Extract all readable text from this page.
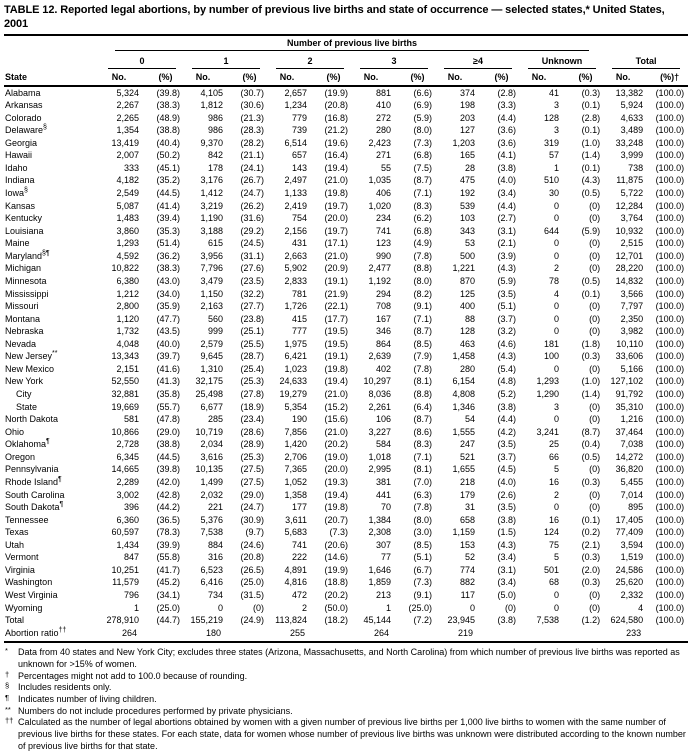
TABLE 12. Reported legal abortions, by number of previous live births and state of occurrence — selected states,* United States, 2001

	Number of previous live births													

	0		1		2		3		≥4		Unknown		Total	

State	No.	(%)	No.	(%)	No.	(%)	No.	(%)	No.	(%)	No.	(%)	No.	(%)†
Alabama	5,324	(39.8)	4,105	(30.7)	2,657	(19.9)	881	(6.6)	374	(2.8)	41	(0.3)	13,382	(100.0)
Arkansas	2,267	(38.3)	1,812	(30.6)	1,234	(20.8)	410	(6.9)	198	(3.3)	3	(0.1)	5,924	(100.0)
Colorado	2,265	(48.9)	986	(21.3)	779	(16.8)	272	(5.9)	203	(4.4)	128	(2.8)	4,633	(100.0)
Delaware§	1,354	(38.8)	986	(28.3)	739	(21.2)	280	(8.0)	127	(3.6)	3	(0.1)	3,489	(100.0)
Georgia	13,419	(40.4)	9,370	(28.2)	6,514	(19.6)	2,423	(7.3)	1,203	(3.6)	319	(1.0)	33,248	(100.0)
Hawaii	2,007	(50.2)	842	(21.1)	657	(16.4)	271	(6.8)	165	(4.1)	57	(1.4)	3,999	(100.0)
Idaho	333	(45.1)	178	(24.1)	143	(19.4)	55	(7.5)	28	(3.8)	1	(0.1)	738	(100.0)
Indiana	4,182	(35.2)	3,176	(26.7)	2,497	(21.0)	1,035	(8.7)	475	(4.0)	510	(4.3)	11,875	(100.0)
Iowa§	2,549	(44.5)	1,412	(24.7)	1,133	(19.8)	406	(7.1)	192	(3.4)	30	(0.5)	5,722	(100.0)
Kansas	5,087	(41.4)	3,219	(26.2)	2,419	(19.7)	1,020	(8.3)	539	(4.4)	0	(0)	12,284	(100.0)
Kentucky	1,483	(39.4)	1,190	(31.6)	754	(20.0)	234	(6.2)	103	(2.7)	0	(0)	3,764	(100.0)
Louisiana	3,860	(35.3)	3,188	(29.2)	2,156	(19.7)	741	(6.8)	343	(3.1)	644	(5.9)	10,932	(100.0)
Maine	1,293	(51.4)	615	(24.5)	431	(17.1)	123	(4.9)	53	(2.1)	0	(0)	2,515	(100.0)
Maryland§¶	4,592	(36.2)	3,956	(31.1)	2,663	(21.0)	990	(7.8)	500	(3.9)	0	(0)	12,701	(100.0)
Michigan	10,822	(38.3)	7,796	(27.6)	5,902	(20.9)	2,477	(8.8)	1,221	(4.3)	2	(0)	28,220	(100.0)
Minnesota	6,380	(43.0)	3,479	(23.5)	2,833	(19.1)	1,192	(8.0)	870	(5.9)	78	(0.5)	14,832	(100.0)
Mississippi	1,212	(34.0)	1,150	(32.2)	781	(21.9)	294	(8.2)	125	(3.5)	4	(0.1)	3,566	(100.0)
Missouri	2,800	(35.9)	2,163	(27.7)	1,726	(22.1)	708	(9.1)	400	(5.1)	0	(0)	7,797	(100.0)
Montana	1,120	(47.7)	560	(23.8)	415	(17.7)	167	(7.1)	88	(3.7)	0	(0)	2,350	(100.0)
Nebraska	1,732	(43.5)	999	(25.1)	777	(19.5)	346	(8.7)	128	(3.2)	0	(0)	3,982	(100.0)
Nevada	4,048	(40.0)	2,579	(25.5)	1,975	(19.5)	864	(8.5)	463	(4.6)	181	(1.8)	10,110	(100.0)
New Jersey**	13,343	(39.7)	9,645	(28.7)	6,421	(19.1)	2,639	(7.9)	1,458	(4.3)	100	(0.3)	33,606	(100.0)
New Mexico	2,151	(41.6)	1,310	(25.4)	1,023	(19.8)	402	(7.8)	280	(5.4)	0	(0)	5,166	(100.0)
New York	52,550	(41.3)	32,175	(25.3)	24,633	(19.4)	10,297	(8.1)	6,154	(4.8)	1,293	(1.0)	127,102	(100.0)
City	32,881	(35.8)	25,498	(27.8)	19,279	(21.0)	8,036	(8.8)	4,808	(5.2)	1,290	(1.4)	91,792	(100.0)
State	19,669	(55.7)	6,677	(18.9)	5,354	(15.2)	2,261	(6.4)	1,346	(3.8)	3	(0)	35,310	(100.0)
North Dakota	581	(47.8)	285	(23.4)	190	(15.6)	106	(8.7)	54	(4.4)	0	(0)	1,216	(100.0)
Ohio	10,866	(29.0)	10,719	(28.6)	7,856	(21.0)	3,227	(8.6)	1,555	(4.2)	3,241	(8.7)	37,464	(100.0)
Oklahoma¶	2,728	(38.8)	2,034	(28.9)	1,420	(20.2)	584	(8.3)	247	(3.5)	25	(0.4)	7,038	(100.0)
Oregon	6,345	(44.5)	3,616	(25.3)	2,706	(19.0)	1,018	(7.1)	521	(3.7)	66	(0.5)	14,272	(100.0)
Pennsylvania	14,665	(39.8)	10,135	(27.5)	7,365	(20.0)	2,995	(8.1)	1,655	(4.5)	5	(0)	36,820	(100.0)
Rhode Island¶	2,289	(42.0)	1,499	(27.5)	1,052	(19.3)	381	(7.0)	218	(4.0)	16	(0.3)	5,455	(100.0)
South Carolina	3,002	(42.8)	2,032	(29.0)	1,358	(19.4)	441	(6.3)	179	(2.6)	2	(0)	7,014	(100.0)
South Dakota¶	396	(44.2)	221	(24.7)	177	(19.8)	70	(7.8)	31	(3.5)	0	(0)	895	(100.0)
Tennessee	6,360	(36.5)	5,376	(30.9)	3,611	(20.7)	1,384	(8.0)	658	(3.8)	16	(0.1)	17,405	(100.0)
Texas	60,597	(78.3)	7,538	(9.7)	5,683	(7.3)	2,308	(3.0)	1,159	(1.5)	124	(0.2)	77,409	(100.0)
Utah	1,434	(39.9)	884	(24.6)	741	(20.6)	307	(8.5)	153	(4.3)	75	(2.1)	3,594	(100.0)
Vermont	847	(55.8)	316	(20.8)	222	(14.6)	77	(5.1)	52	(3.4)	5	(0.3)	1,519	(100.0)
Virginia	10,251	(41.7)	6,523	(26.5)	4,891	(19.9)	1,646	(6.7)	774	(3.1)	501	(2.0)	24,586	(100.0)
Washington	11,579	(45.2)	6,416	(25.0)	4,816	(18.8)	1,859	(7.3)	882	(3.4)	68	(0.3)	25,620	(100.0)
West Virginia	796	(34.1)	734	(31.5)	472	(20.2)	213	(9.1)	117	(5.0)	0	(0)	2,332	(100.0)
Wyoming	1	(25.0)	0	(0)	2	(50.0)	1	(25.0)	0	(0)	0	(0)	4	(100.0)
Total	278,910	(44.7)	155,219	(24.9)	113,824	(18.2)	45,144	(7.2)	23,945	(3.8)	7,538	(1.2)	624,580	(100.0)
Abortion ratio††	264		180		255		264		219				233	
* Data from 40 states and New York City; excludes three states (Arizona, Massachusetts, and North Carolina) from which number of previous live births was reported as unknown for >15% of women.
† Percentages might not add to 100.0 because of rounding.
§ Includes residents only.
¶ Indicates number of living children.
** Numbers do not include procedures performed by private physicians.
†† Calculated as the number of legal abortions obtained by women with a given number of previous live births per 1,000 live births to women with the same number of previous live births for these states. For each state, data for women whose number of previous live births was unknown were distributed according to the known number of previous live births for that state.
